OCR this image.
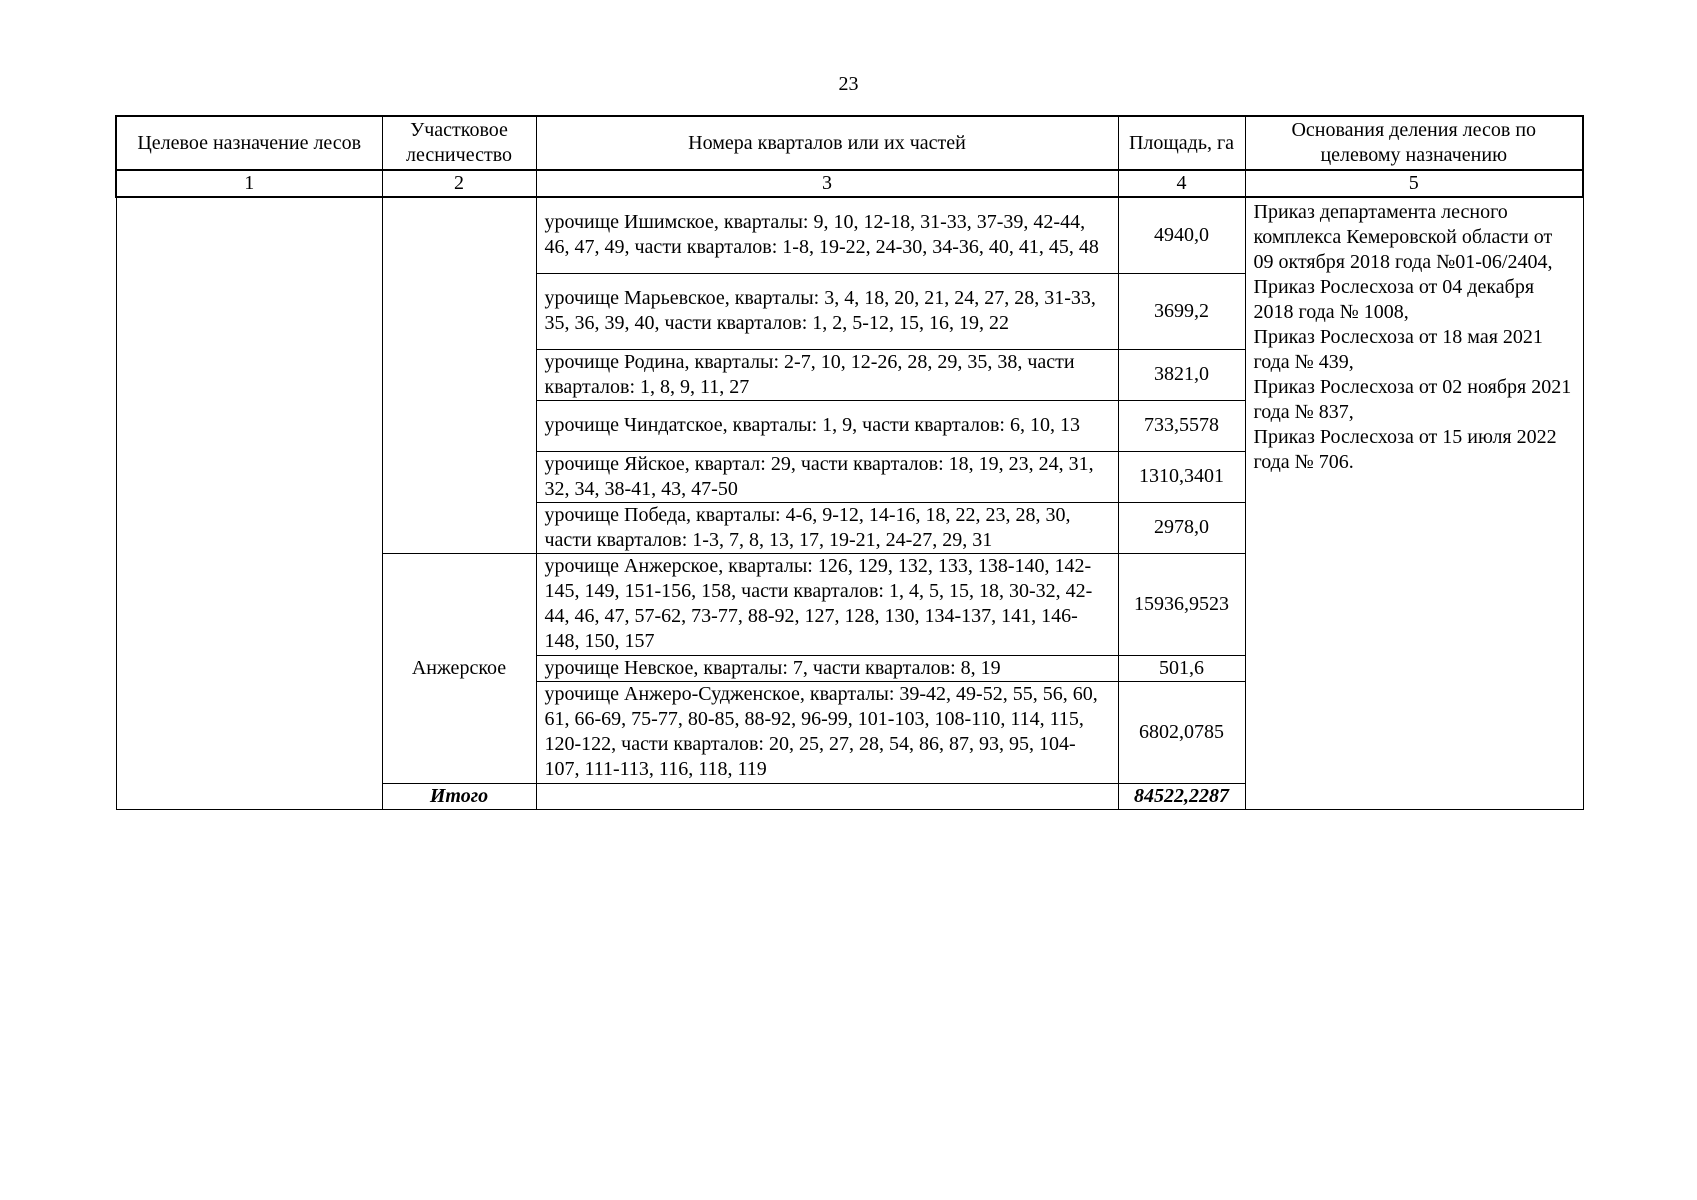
23
Целевое назначение лесов	Участковое лесничество	Номера кварталов или их частей	Площадь, га	Основания деления лесов по целевому назначению
1	2	3	4	5
		урочище Ишимское, кварталы: 9, 10, 12-18, 31-33, 37-39, 42-44, 46, 47, 49, части кварталов: 1-8, 19-22, 24-30, 34-36, 40, 41, 45, 48	4940,0	Приказ департамента лесного комплекса Кемеровской области от 09 октября 2018 года №01-06/2404,
Приказ Рослесхоза от 04 декабря 2018 года № 1008,
Приказ Рослесхоза от 18 мая 2021 года № 439,
Приказ Рослесхоза от 02 ноября 2021 года № 837,
Приказ Рослесхоза от 15 июля 2022 года № 706.

		урочище Марьевское, кварталы: 3, 4, 18, 20, 21, 24, 27, 28, 31-33, 35, 36, 39, 40, части кварталов: 1, 2, 5-12, 15, 16, 19, 22	3699,2	
		урочище Родина, кварталы: 2-7, 10, 12-26, 28, 29, 35, 38, части кварталов: 1, 8, 9, 11, 27	3821,0	
		урочище Чиндатское, кварталы: 1, 9, части кварталов: 6, 10, 13	733,5578	
		урочище Яйское, квартал: 29, части кварталов: 18, 19, 23, 24, 31, 32, 34, 38-41, 43, 47-50	1310,3401	
		урочище Победа, кварталы: 4-6, 9-12, 14-16, 18, 22, 23, 28, 30, части кварталов: 1-3, 7, 8, 13, 17, 19-21, 24-27, 29, 31	2978,0	
	Анжерское	урочище Анжерское, кварталы: 126, 129, 132, 133, 138-140, 142-145, 149, 151-156, 158, части кварталов: 1, 4, 5, 15, 18, 30-32, 42-44, 46, 47, 57-62, 73-77, 88-92, 127, 128, 130, 134-137, 141, 146-148, 150, 157	15936,9523	
		урочище Невское, кварталы: 7, части кварталов: 8, 19	501,6	
		урочище Анжеро-Судженское, кварталы: 39-42, 49-52, 55, 56, 60, 61, 66-69, 75-77, 80-85, 88-92, 96-99, 101-103, 108-110, 114, 115, 120-122, части кварталов: 20, 25, 27, 28, 54, 86, 87, 93, 95, 104-107, 111-113, 116, 118, 119	6802,0785	
	Итого		84522,2287	
